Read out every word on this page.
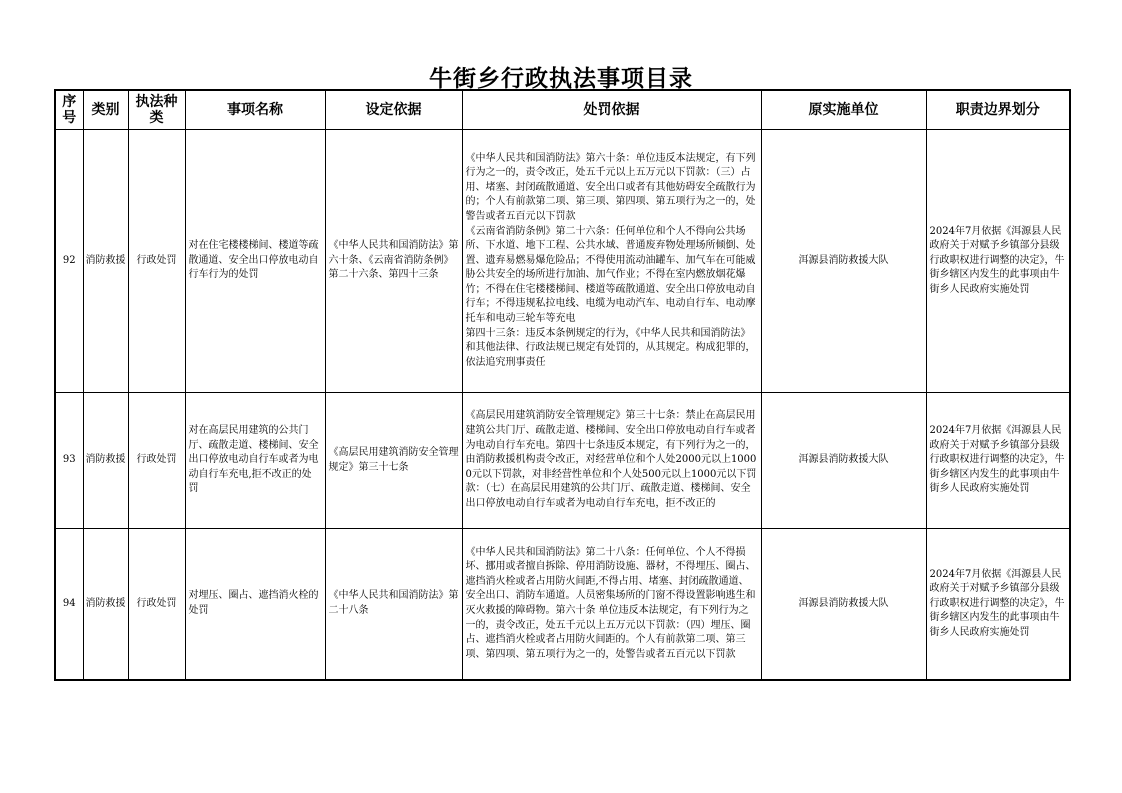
牛街乡行政执法事项目录
序号	类别	执法种类	事项名称	设定依据	处罚依据	原实施单位	职责边界划分
92	消防救援	行政处罚	对在住宅楼楼梯间、楼道等疏散通道、安全出口停放电动自行车行为的处罚	《中华人民共和国消防法》第六十条、《云南省消防条例》第二十六条、第四十三条	《中华人民共和国消防法》第六十条：单位违反本法规定，有下列行为之一的，责令改正，处五千元以上五万元以下罚款：（三）占用、堵塞、封闭疏散通道、安全出口或者有其他妨碍安全疏散行为的；个人有前款第二项、第三项、第四项、第五项行为之一的，处警告或者五百元以下罚款
《云南省消防条例》第二十六条：任何单位和个人不得向公共场所、下水道、地下工程、公共水域、普通废弃物处理场所倾倒、处置、遗弃易燃易爆危险品；不得使用流动油罐车、加气车在可能威胁公共安全的场所进行加油、加气作业；不得在室内燃放烟花爆竹；不得在住宅楼楼梯间、楼道等疏散通道、安全出口停放电动自行车；不得违规私拉电线、电缆为电动汽车、电动自行车、电动摩托车和电动三轮车等充电
第四十三条：违反本条例规定的行为，《中华人民共和国消防法》和其他法律、行政法规已规定有处罚的，从其规定。构成犯罪的，依法追究刑事责任	洱源县消防救援大队	2024年7月依据《洱源县人民政府关于对赋予乡镇部分县级行政职权进行调整的决定》，牛街乡辖区内发生的此事项由牛街乡人民政府实施处罚
93	消防救援	行政处罚	对在高层民用建筑的公共门厅、疏散走道、楼梯间、安全出口停放电动自行车或者为电动自行车充电,拒不改正的处罚	《高层民用建筑消防安全管理规定》第三十七条	《高层民用建筑消防安全管理规定》第三十七条：禁止在高层民用建筑公共门厅、疏散走道、楼梯间、安全出口停放电动自行车或者为电动自行车充电。第四十七条违反本规定，有下列行为之一的，由消防救援机构责令改正，对经营单位和个人处2000元以上10000元以下罚款，对非经营性单位和个人处500元以上1000元以下罚款：（七）在高层民用建筑的公共门厅、疏散走道、楼梯间、安全出口停放电动自行车或者为电动自行车充电，拒不改正的	洱源县消防救援大队	2024年7月依据《洱源县人民政府关于对赋予乡镇部分县级行政职权进行调整的决定》，牛街乡辖区内发生的此事项由牛街乡人民政府实施处罚
94	消防救援	行政处罚	对埋压、圈占、遮挡消火栓的处罚	《中华人民共和国消防法》第二十八条	《中华人民共和国消防法》第二十八条：任何单位、个人不得损坏、挪用或者擅自拆除、停用消防设施、器材，不得埋压、圈占、遮挡消火栓或者占用防火间距,不得占用、堵塞、封闭疏散通道、安全出口、消防车通道。人员密集场所的门窗不得设置影响逃生和灭火救援的障碍物。第六十条 单位违反本法规定，有下列行为之一的，责令改正，处五千元以上五万元以下罚款：（四）埋压、圈占、遮挡消火栓或者占用防火间距的。个人有前款第二项、第三项、第四项、第五项行为之一的，处警告或者五百元以下罚款	洱源县消防救援大队	2024年7月依据《洱源县人民政府关于对赋予乡镇部分县级行政职权进行调整的决定》，牛街乡辖区内发生的此事项由牛街乡人民政府实施处罚
